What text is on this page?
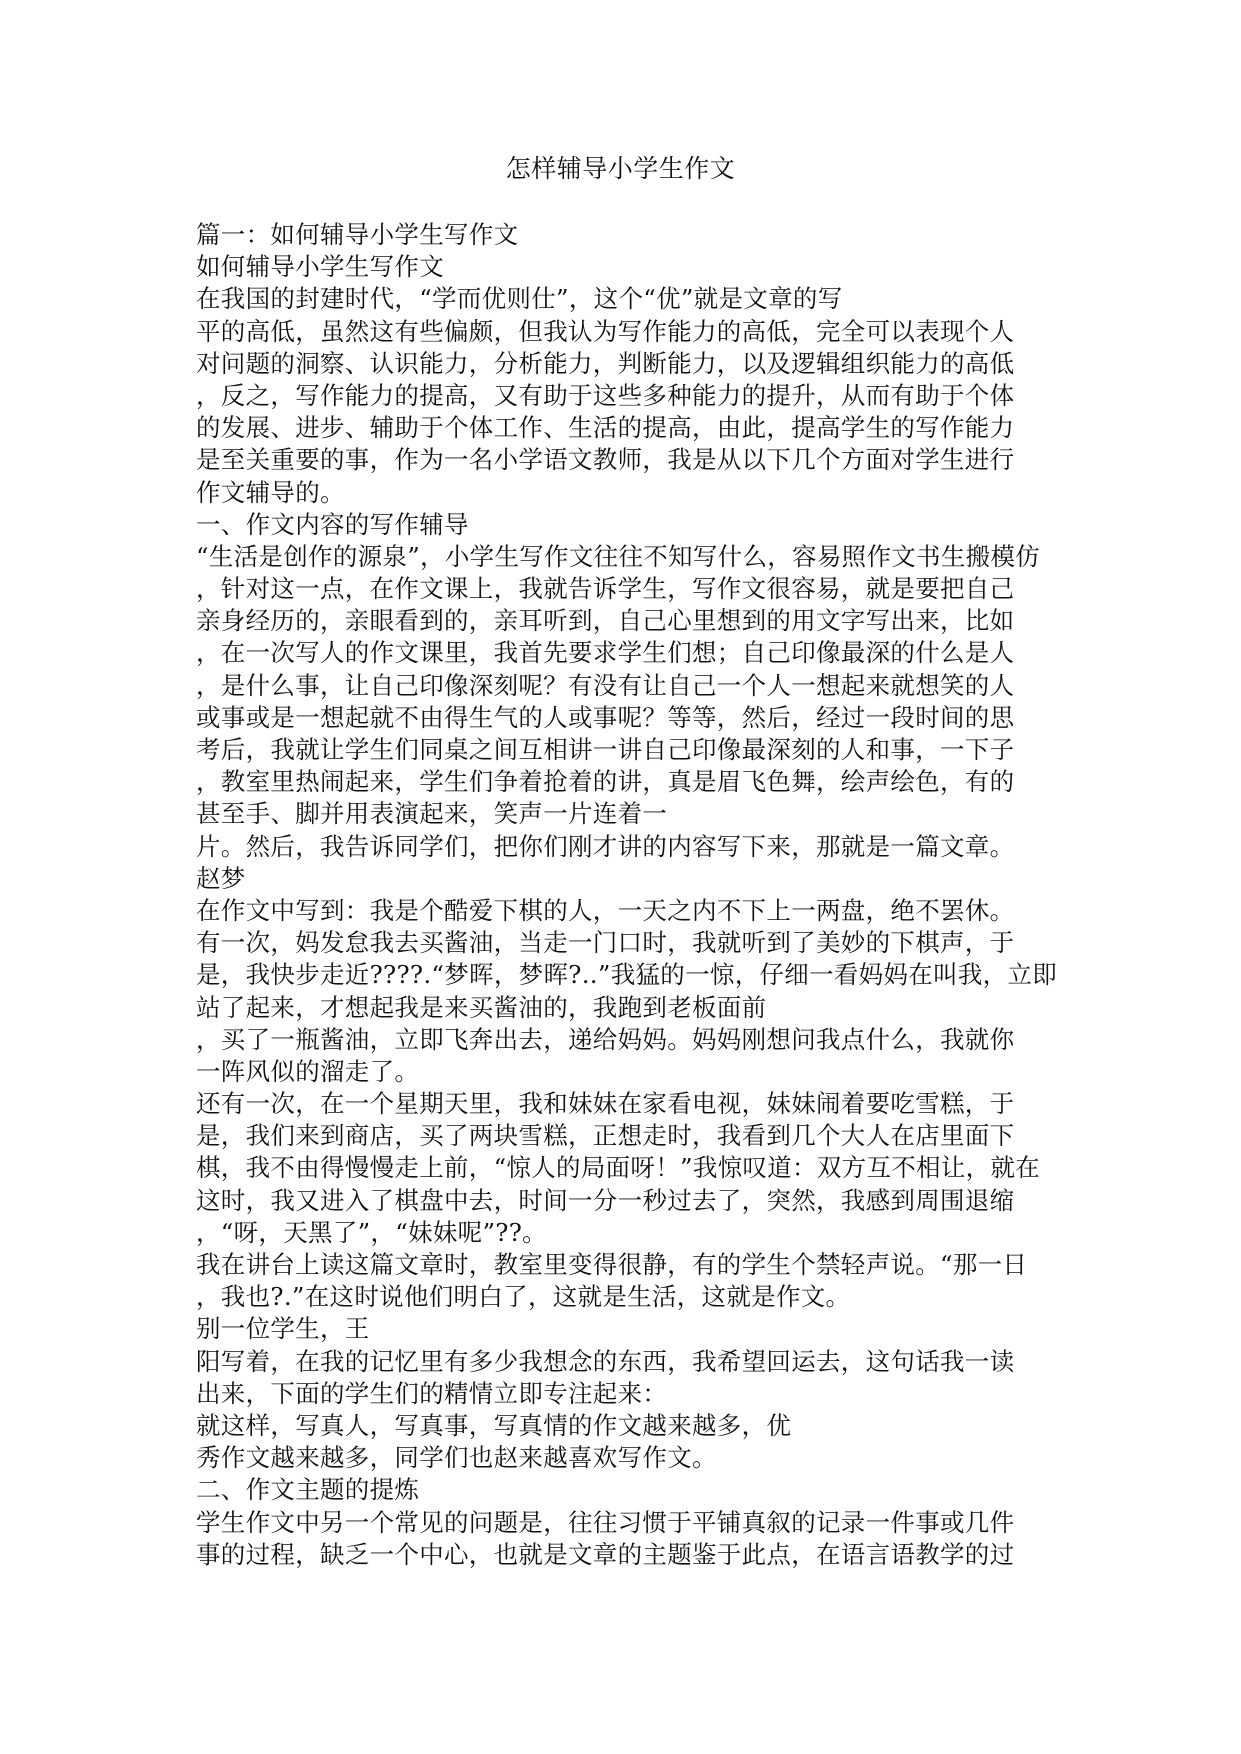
怎样辅导小学生作文
篇一：如何辅导小学生写作文
如何辅导小学生写作文
在我国的封建时代，“学而优则仕”，这个“优”就是文章的写
平的高低，虽然这有些偏颇，但我认为写作能力的高低，完全可以表现个人
对问题的洞察、认识能力，分析能力，判断能力，以及逻辑组织能力的高低
，反之，写作能力的提高，又有助于这些多种能力的提升，从而有助于个体
的发展、进步、辅助于个体工作、生活的提高，由此，提高学生的写作能力
是至关重要的事，作为一名小学语文教师，我是从以下几个方面对学生进行
作文辅导的。
一、作文内容的写作辅导
“生活是创作的源泉”，小学生写作文往往不知写什么，容易照作文书生搬模仿
，针对这一点，在作文课上，我就告诉学生，写作文很容易，就是要把自己
亲身经历的，亲眼看到的，亲耳听到，自己心里想到的用文字写出来，比如
，在一次写人的作文课里，我首先要求学生们想；自己印像最深的什么是人
，是什么事，让自己印像深刻呢？有没有让自己一个人一想起来就想笑的人
或事或是一想起就不由得生气的人或事呢？等等，然后，经过一段时间的思
考后，我就让学生们同桌之间互相讲一讲自己印像最深刻的人和事，一下子
，教室里热闹起来，学生们争着抢着的讲，真是眉飞色舞，绘声绘色，有的
甚至手、脚并用表演起来，笑声一片连着一
片。然后，我告诉同学们，把你们刚才讲的内容写下来，那就是一篇文章。
赵梦
在作文中写到：我是个酷爱下棋的人，一天之内不下上一两盘，绝不罢休。
有一次，妈发怠我去买酱油，当走一门口时，我就听到了美妙的下棋声，于
是，我快步走近????.“梦晖，梦晖?..”我猛的一惊，仔细一看妈妈在叫我，立即
站了起来，才想起我是来买酱油的，我跑到老板面前
，买了一瓶酱油，立即飞奔出去，递给妈妈。妈妈刚想问我点什么，我就你
一阵风似的溜走了。
还有一次，在一个星期天里，我和妹妹在家看电视，妹妹闹着要吃雪糕，于
是，我们来到商店，买了两块雪糕，正想走时，我看到几个大人在店里面下
棋，我不由得慢慢走上前，“惊人的局面呀！”我惊叹道：双方互不相让，就在
这时，我又进入了棋盘中去，时间一分一秒过去了，突然，我感到周围退缩
，“呀，天黑了”，“妹妹呢”??。
我在讲台上读这篇文章时，教室里变得很静，有的学生个禁轻声说。“那一日
，我也?.”在这时说他们明白了，这就是生活，这就是作文。
别一位学生，王
阳写着，在我的记忆里有多少我想念的东西，我希望回运去，这句话我一读
出来，下面的学生们的精情立即专注起来：
就这样，写真人，写真事，写真情的作文越来越多，优
秀作文越来越多，同学们也赵来越喜欢写作文。
二、作文主题的提炼
学生作文中另一个常见的问题是，往往习惯于平铺真叙的记录一件事或几件
事的过程，缺乏一个中心，也就是文章的主题鉴于此点，在语言语教学的过
